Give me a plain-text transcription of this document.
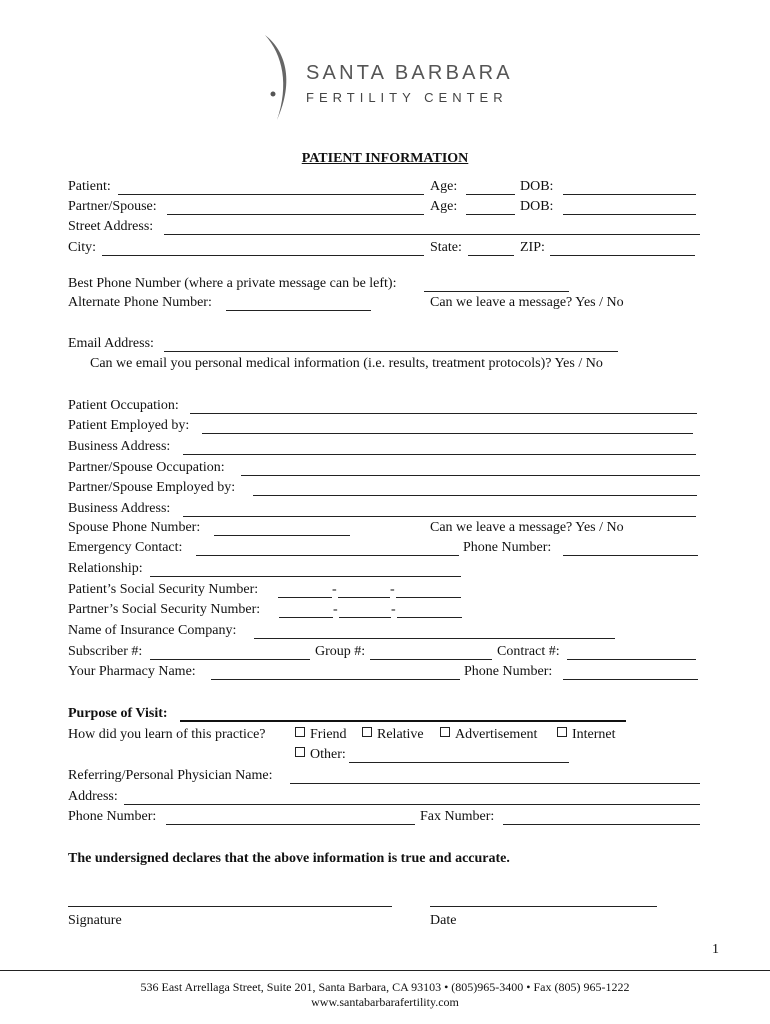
SANTA BARBARA
FERTILITY CENTER
PATIENT INFORMATION
Patient:	Age:	DOB:
Partner/Spouse:	Age:	DOB:
Street Address:
City:	State:	ZIP:
Best Phone Number (where a private message can be left):
Alternate Phone Number:	Can we leave a message? Yes / No
Email Address:
Can we email you personal medical information (i.e. results, treatment protocols)? Yes / No
Patient Occupation:
Patient Employed by:
Business Address:
Partner/Spouse Occupation:
Partner/Spouse Employed by:
Business Address:
Spouse Phone Number:	Can we leave a message? Yes / No
Emergency Contact:	Phone Number:
Relationship:
Patient’s Social Security Number:	-	-
Partner’s Social Security Number:	-	-
Name of Insurance Company:
Subscriber #:	Group #:	Contract #:
Your Pharmacy Name:	Phone Number:
Purpose of Visit:
How did you learn of this practice?	Friend	Relative	Advertisement	Internet
Other:
Referring/Personal Physician Name:
Address:
Phone Number:	Fax Number:
The undersigned declares that the above information is true and accurate.
Signature	Date
1
536 East Arrellaga Street, Suite 201, Santa Barbara, CA 93103 • (805)965-3400 • Fax (805) 965-1222
www.santabarbarafertility.com
